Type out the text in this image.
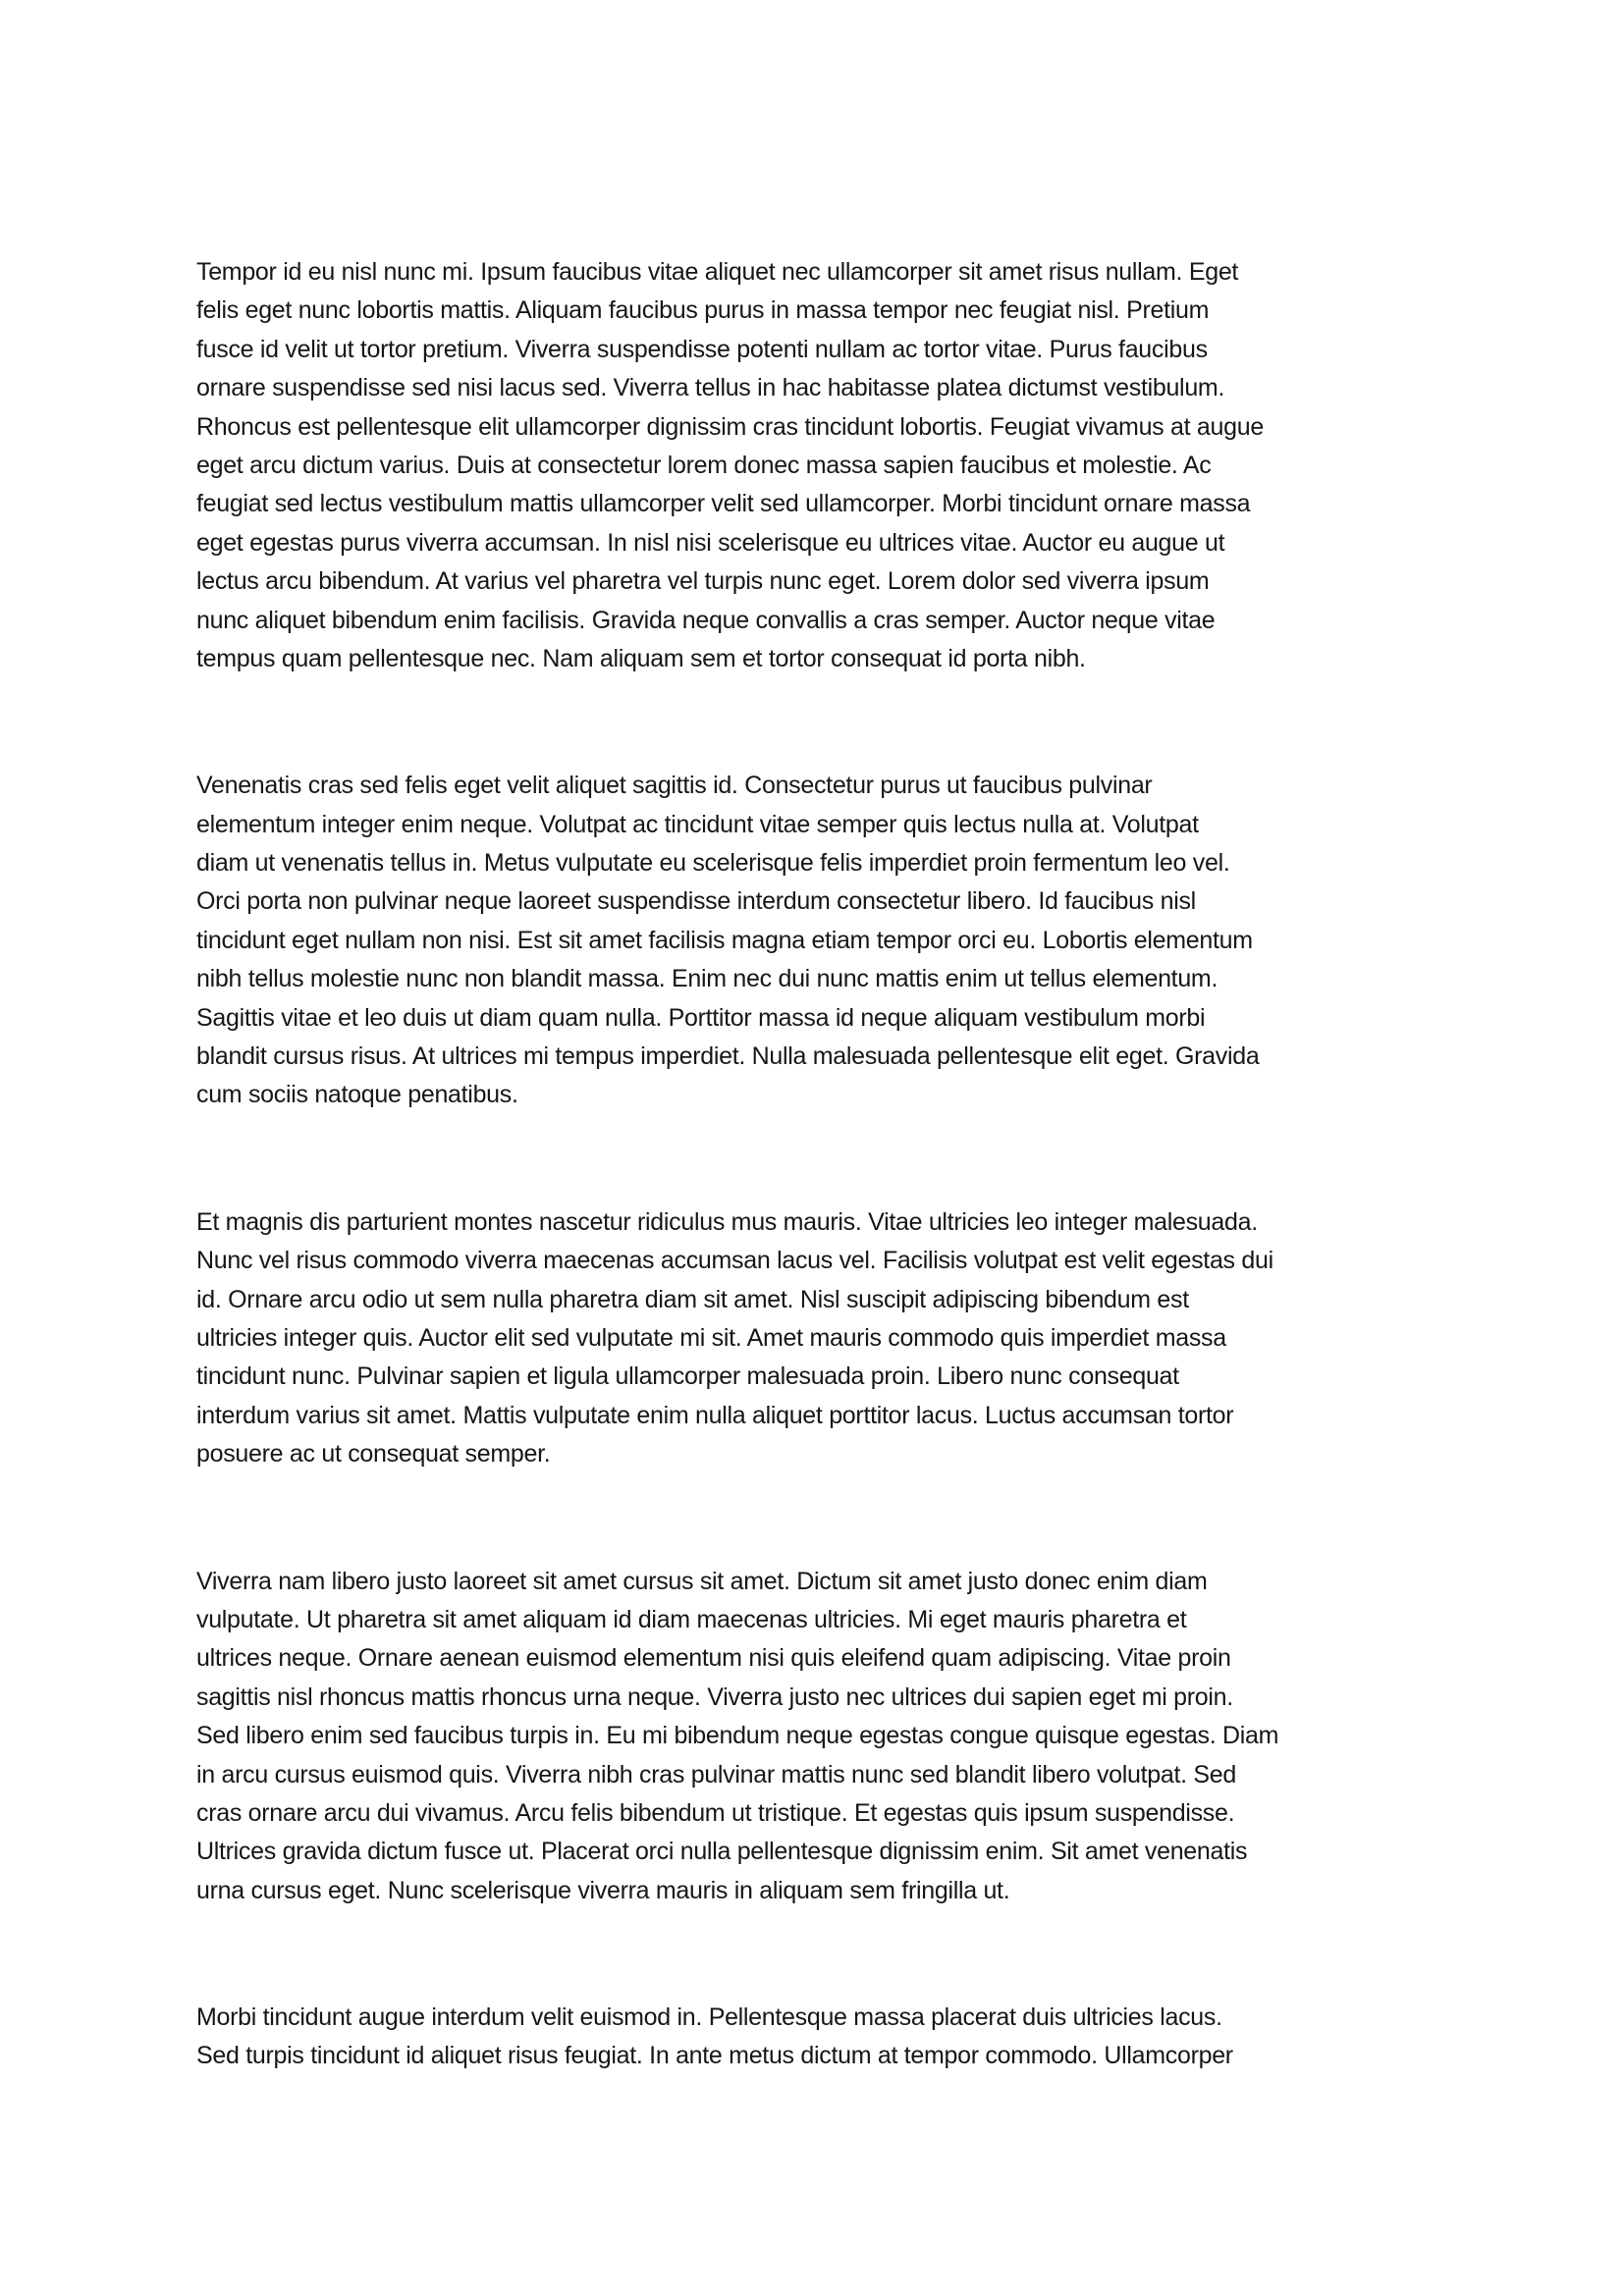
Tempor id eu nisl nunc mi. Ipsum faucibus vitae aliquet nec ullamcorper sit amet risus nullam. Eget
felis eget nunc lobortis mattis. Aliquam faucibus purus in massa tempor nec feugiat nisl. Pretium
fusce id velit ut tortor pretium. Viverra suspendisse potenti nullam ac tortor vitae. Purus faucibus
ornare suspendisse sed nisi lacus sed. Viverra tellus in hac habitasse platea dictumst vestibulum.
Rhoncus est pellentesque elit ullamcorper dignissim cras tincidunt lobortis. Feugiat vivamus at augue
eget arcu dictum varius. Duis at consectetur lorem donec massa sapien faucibus et molestie. Ac
feugiat sed lectus vestibulum mattis ullamcorper velit sed ullamcorper. Morbi tincidunt ornare massa
eget egestas purus viverra accumsan. In nisl nisi scelerisque eu ultrices vitae. Auctor eu augue ut
lectus arcu bibendum. At varius vel pharetra vel turpis nunc eget. Lorem dolor sed viverra ipsum
nunc aliquet bibendum enim facilisis. Gravida neque convallis a cras semper. Auctor neque vitae
tempus quam pellentesque nec. Nam aliquam sem et tortor consequat id porta nibh.
Venenatis cras sed felis eget velit aliquet sagittis id. Consectetur purus ut faucibus pulvinar
elementum integer enim neque. Volutpat ac tincidunt vitae semper quis lectus nulla at. Volutpat
diam ut venenatis tellus in. Metus vulputate eu scelerisque felis imperdiet proin fermentum leo vel.
Orci porta non pulvinar neque laoreet suspendisse interdum consectetur libero. Id faucibus nisl
tincidunt eget nullam non nisi. Est sit amet facilisis magna etiam tempor orci eu. Lobortis elementum
nibh tellus molestie nunc non blandit massa. Enim nec dui nunc mattis enim ut tellus elementum.
Sagittis vitae et leo duis ut diam quam nulla. Porttitor massa id neque aliquam vestibulum morbi
blandit cursus risus. At ultrices mi tempus imperdiet. Nulla malesuada pellentesque elit eget. Gravida
cum sociis natoque penatibus.
Et magnis dis parturient montes nascetur ridiculus mus mauris. Vitae ultricies leo integer malesuada.
Nunc vel risus commodo viverra maecenas accumsan lacus vel. Facilisis volutpat est velit egestas dui
id. Ornare arcu odio ut sem nulla pharetra diam sit amet. Nisl suscipit adipiscing bibendum est
ultricies integer quis. Auctor elit sed vulputate mi sit. Amet mauris commodo quis imperdiet massa
tincidunt nunc. Pulvinar sapien et ligula ullamcorper malesuada proin. Libero nunc consequat
interdum varius sit amet. Mattis vulputate enim nulla aliquet porttitor lacus. Luctus accumsan tortor
posuere ac ut consequat semper.
Viverra nam libero justo laoreet sit amet cursus sit amet. Dictum sit amet justo donec enim diam
vulputate. Ut pharetra sit amet aliquam id diam maecenas ultricies. Mi eget mauris pharetra et
ultrices neque. Ornare aenean euismod elementum nisi quis eleifend quam adipiscing. Vitae proin
sagittis nisl rhoncus mattis rhoncus urna neque. Viverra justo nec ultrices dui sapien eget mi proin.
Sed libero enim sed faucibus turpis in. Eu mi bibendum neque egestas congue quisque egestas. Diam
in arcu cursus euismod quis. Viverra nibh cras pulvinar mattis nunc sed blandit libero volutpat. Sed
cras ornare arcu dui vivamus. Arcu felis bibendum ut tristique. Et egestas quis ipsum suspendisse.
Ultrices gravida dictum fusce ut. Placerat orci nulla pellentesque dignissim enim. Sit amet venenatis
urna cursus eget. Nunc scelerisque viverra mauris in aliquam sem fringilla ut.
Morbi tincidunt augue interdum velit euismod in. Pellentesque massa placerat duis ultricies lacus.
Sed turpis tincidunt id aliquet risus feugiat. In ante metus dictum at tempor commodo. Ullamcorper
